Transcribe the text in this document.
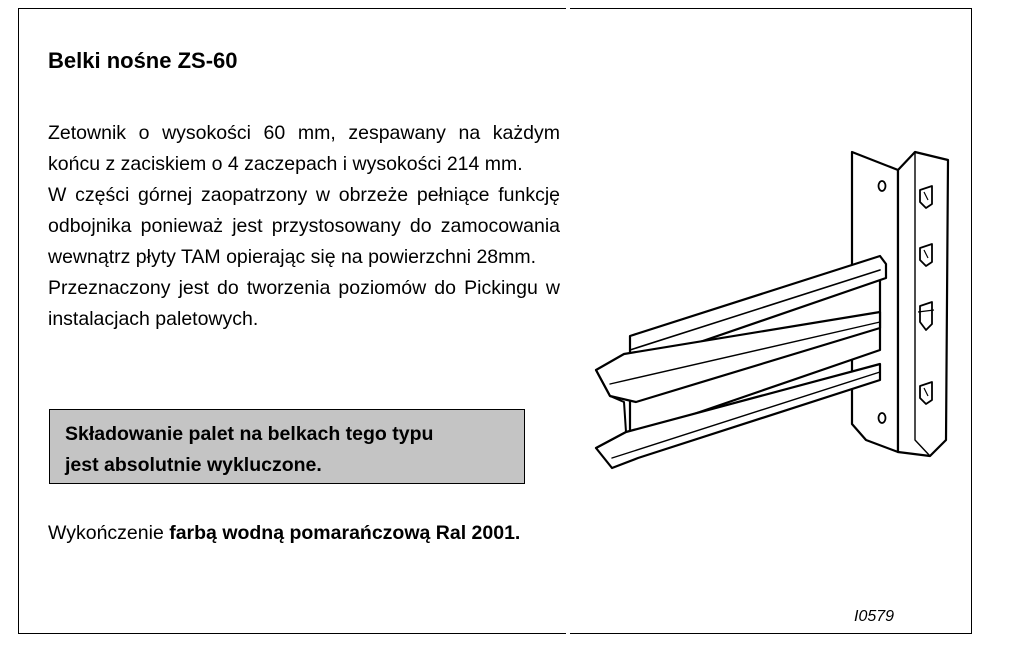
Belki nośne ZS-60

Zetownik o wysokości 60 mm, zespawany na każdym końcu z zaciskiem o 4 zaczepach i wysokości 214 mm.

W części górnej zaopatrzony w obrzeże pełniące funkcję odbojnika ponieważ jest przystosowany do zamocowania wewnątrz płyty TAM opierając się na powierzchni 28mm.

Przeznaczony jest do tworzenia poziomów do Pickingu w instalacjach paletowych.

Składowanie palet na belkach tego typu
jest absolutnie wykluczone.
Wykończenie farbą wodną pomarańczową Ral 2001.
I0579
